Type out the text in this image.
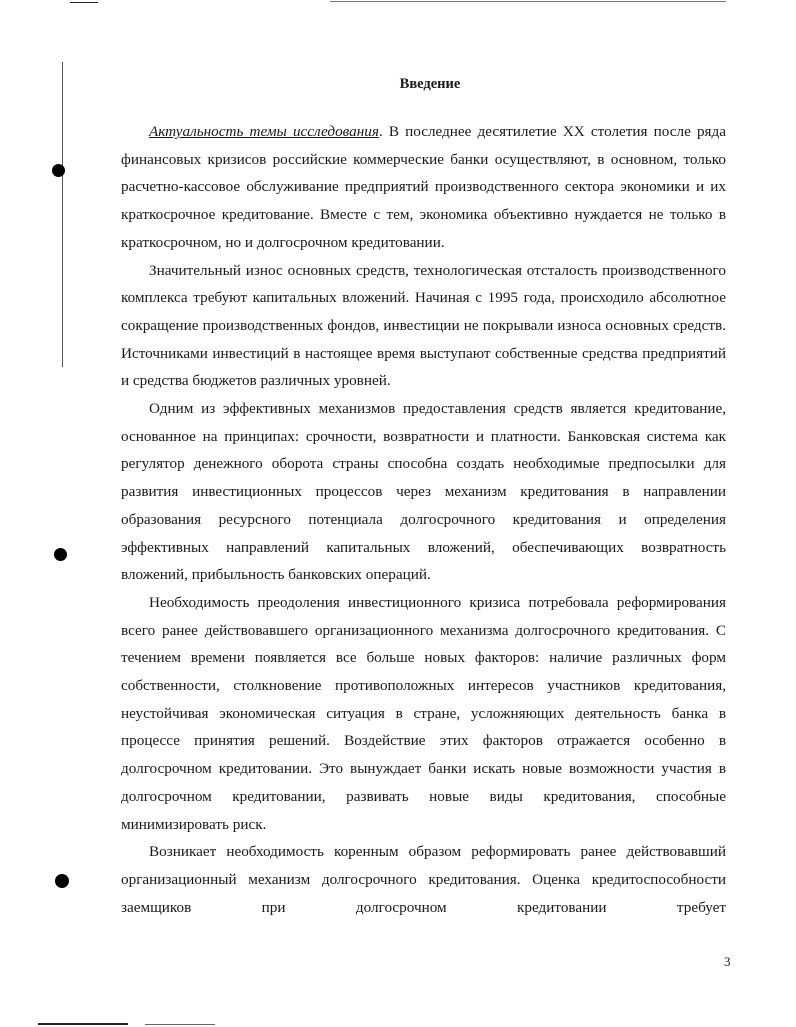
Введение

Актуальность темы исследования. В последнее десятилетие XX столетия после ряда финансовых кризисов российские коммерческие банки осуществляют, в основном, только расчетно-кассовое обслуживание предприятий производственного сектора экономики и их краткосрочное кредитование. Вместе с тем, экономика объективно нуждается не только в краткосрочном, но и долгосрочном кредитовании.

Значительный износ основных средств, технологическая отсталость производственного комплекса требуют капитальных вложений. Начиная с 1995 года, происходило абсолютное сокращение производственных фондов, инвестиции не покрывали износа основных средств. Источниками инвестиций в настоящее время выступают собственные средства предприятий и средства бюджетов различных уровней.

Одним из эффективных механизмов предоставления средств является кредитование, основанное на принципах: срочности, возвратности и платности. Банковская система как регулятор денежного оборота страны способна создать необходимые предпосылки для развития инвестиционных процессов через механизм кредитования в направлении образования ресурсного потенциала долгосрочного кредитования и определения эффективных направлений капитальных вложений, обеспечивающих возвратность вложений, прибыльность банковских операций.

Необходимость преодоления инвестиционного кризиса потребовала реформирования всего ранее действовавшего организационного механизма долгосрочного кредитования. С течением времени появляется все больше новых факторов: наличие различных форм собственности, столкновение противоположных интересов участников кредитования, неустойчивая экономическая ситуация в стране, усложняющих деятельность банка в процессе принятия решений. Воздействие этих факторов отражается особенно в долгосрочном кредитовании. Это вынуждает банки искать новые возможности участия в долгосрочном кредитовании, развивать новые виды кредитования, способные минимизировать риск.

Возникает необходимость коренным образом реформировать ранее действовавший организационный механизм долгосрочного кредитования. Оценка кредитоспособности заемщиков при долгосрочном кредитовании требует

3
